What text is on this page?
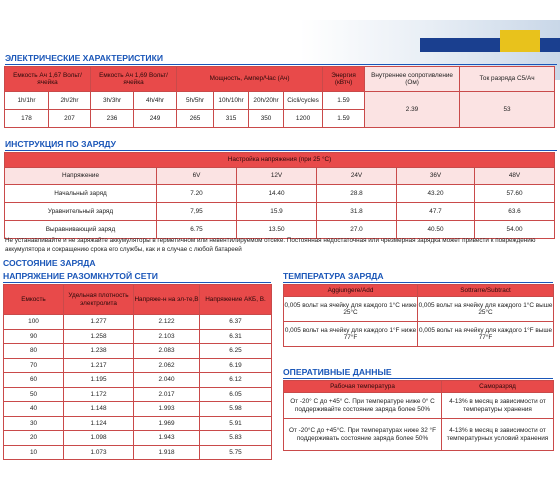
ЭЛЕКТРИЧЕСКИЕ ХАРАКТЕРИСТИКИ
Емкость Ач 1,67 Вольт/ячейка		Емкость Ач 1,69 Вольт/ячейка		Мощность, Ампер/Час (Ач)				Энергия (кВтч)	Внутреннее сопротивление (Ом)	Ток разряда C5/Ач
1h/1hr	2h/2hr	3h/3hr	4h/4hr	5h/5hr	10h/10hr	20h/20hr	Cicli/cycles	1.59	2.39	53
178	207	236	249	265	315	350	1200	1.59		
ИНСТРУКЦИЯ ПО ЗАРЯДУ
Настройка напряжения (при 25 °С)					
Напряжение	6V	12V	24V	36V	48V
Начальный заряд	7.20	14.40	28.8	43.20	57.60
Уравнительный заряд	7,95	15.9	31.8	47.7	63.6
Выравнивающий заряд	6.75	13.50	27.0	40.50	54.00
Не устанавливайте и не заряжайте аккумуляторы в герметичном или невентилируемом отсеке. Постоянная недостаточная или чрезмерная зарядка может привести к повреждению аккумулятора и сокращению срока его службы, как и в случае с любой батареей
СОСТОЯНИЕ ЗАРЯДА
НАПРЯЖЕНИЕ РАЗОМКНУТОЙ СЕТИ
Емкость	Удельная плотность электролита	Напряже-н на эл-те,В	Напряжение АКБ, В.
100	1.277	2.122	6.37
90	1.258	2.103	6.31
80	1.238	2.083	6.25
70	1.217	2.062	6.19
60	1.195	2.040	6.12
50	1.172	2.017	6.05
40	1.148	1.993	5.98
30	1.124	1.969	5.91
20	1.098	1.943	5.83
10	1.073	1.918	5.75
ТЕМПЕРАТУРА ЗАРЯДА
Aggiungere/Add	Sottrarre/Subtract
0,005 вольт на ячейку для каждого 1°C ниже 25°C	0,005 вольт на ячейку для каждого 1°C выше 25°C
0,005 вольт на ячейку для каждого 1°F ниже 77°F	0,005 вольт на ячейку для каждого 1°F выше 77°F
ОПЕРАТИВНЫЕ ДАННЫЕ
Рабочая температура	Саморазряд
От -20° C до +45° C. При температуре ниже 0° C поддерживайте состояние заряда более 50%	4-13% в месяц в зависимости от температуры хранения
От -20°C до +45°C. При температурах ниже 32 °F поддерживать состояние заряда более 50%	4-13% в месяц в зависимости от температурных условий хранения
